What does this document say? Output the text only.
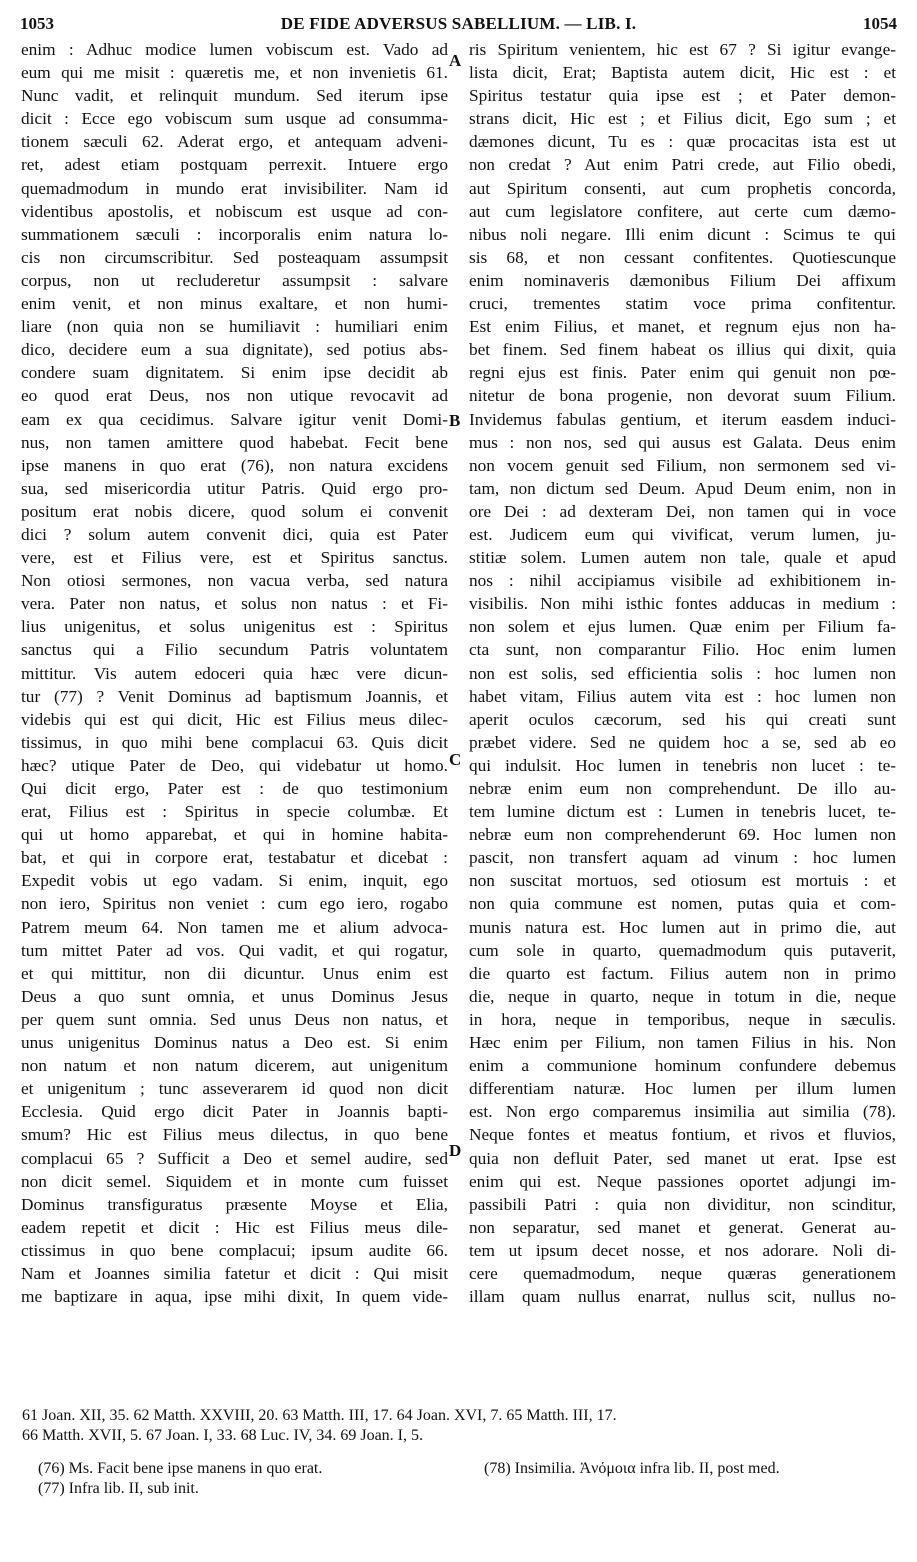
1053	DE FIDE ADVERSUS SABELLIUM. — LIB. I.	1054
enim : Adhuc modice lumen vobiscum est. Vado ad
eum qui me misit : quæretis me, et non invenietis 61.
Nunc vadit, et relinquit mundum. Sed iterum ipse
dicit : Ecce ego vobiscum sum usque ad consumma-
tionem sæculi 62. Aderat ergo, et antequam adveni-
ret, adest etiam postquam perrexit. Intuere ergo
quemadmodum in mundo erat invisibiliter. Nam id
videntibus apostolis, et nobiscum est usque ad con-
summationem sæculi : incorporalis enim natura lo-
cis non circumscribitur. Sed posteaquam assumpsit
corpus, non ut recluderetur assumpsit : salvare
enim venit, et non minus exaltare, et non humi-
liare (non quia non se humiliavit : humiliari enim
dico, decidere eum a sua dignitate), sed potius abs-
condere suam dignitatem. Si enim ipse decidit ab
eo quod erat Deus, nos non utique revocavit ad
eam ex qua cecidimus. Salvare igitur venit Domi-
nus, non tamen amittere quod habebat. Fecit bene
ipse manens in quo erat (76), non natura excidens
sua, sed misericordia utitur Patris. Quid ergo pro-
positum erat nobis dicere, quod solum ei convenit
dici ? solum autem convenit dici, quia est Pater
vere, est et Filius vere, est et Spiritus sanctus.
Non otiosi sermones, non vacua verba, sed natura
vera. Pater non natus, et solus non natus : et Fi-
lius unigenitus, et solus unigenitus est : Spiritus
sanctus qui a Filio secundum Patris voluntatem
mittitur. Vis autem edoceri quia hæc vere dicun-
tur (77) ? Venit Dominus ad baptismum Joannis, et
videbis qui est qui dicit, Hic est Filius meus dilec-
tissimus, in quo mihi bene complacui 63. Quis dicit
hæc? utique Pater de Deo, qui videbatur ut homo.
Qui dicit ergo, Pater est : de quo testimonium
erat, Filius est : Spiritus in specie columbæ. Et
qui ut homo apparebat, et qui in homine habita-
bat, et qui in corpore erat, testabatur et dicebat :
Expedit vobis ut ego vadam. Si enim, inquit, ego
non iero, Spiritus non veniet : cum ego iero, rogabo
Patrem meum 64. Non tamen me et alium advoca-
tum mittet Pater ad vos. Qui vadit, et qui rogatur,
et qui mittitur, non dii dicuntur. Unus enim est
Deus a quo sunt omnia, et unus Dominus Jesus
per quem sunt omnia. Sed unus Deus non natus, et
unus unigenitus Dominus natus a Deo est. Si enim
non natum et non natum dicerem, aut unigenitum
et unigenitum ; tunc asseverarem id quod non dicit
Ecclesia. Quid ergo dicit Pater in Joannis bapti-
smum? Hic est Filius meus dilectus, in quo bene
complacui 65 ? Sufficit a Deo et semel audire, sed
non dicit semel. Siquidem et in monte cum fuisset
Dominus transfiguratus præsente Moyse et Elia,
eadem repetit et dicit : Hic est Filius meus dile-
ctissimus in quo bene complacui; ipsum audite 66.
Nam et Joannes similia fatetur et dicit : Qui misit
me baptizare in aqua, ipse mihi dixit, In quem vide-
ris Spiritum venientem, hic est 67 ? Si igitur evange-
lista dicit, Erat; Baptista autem dicit, Hic est : et
Spiritus testatur quia ipse est ; et Pater demon-
strans dicit, Hic est ; et Filius dicit, Ego sum ; et
dæmones dicunt, Tu es : quæ procacitas ista est ut
non credat ? Aut enim Patri crede, aut Filio obedi,
aut Spiritum consenti, aut cum prophetis concorda,
aut cum legislatore confitere, aut certe cum dæmo-
nibus noli negare. Illi enim dicunt : Scimus te qui
sis 68, et non cessant confitentes. Quotiescunque
enim nominaveris dæmonibus Filium Dei affixum
cruci, trementes statim voce prima confitentur.
Est enim Filius, et manet, et regnum ejus non ha-
bet finem. Sed finem habeat os illius qui dixit, quia
regni ejus est finis. Pater enim qui genuit non pœ-
nitetur de bona progenie, non devorat suum Filium.
Invidemus fabulas gentium, et iterum easdem induci-
mus : non nos, sed qui ausus est Galata. Deus enim
non vocem genuit sed Filium, non sermonem sed vi-
tam, non dictum sed Deum. Apud Deum enim, non in
ore Dei : ad dexteram Dei, non tamen qui in voce
est. Judicem eum qui vivificat, verum lumen, ju-
stitiæ solem. Lumen autem non tale, quale et apud
nos : nihil accipiamus visibile ad exhibitionem in-
visibilis. Non mihi isthic fontes adducas in medium :
non solem et ejus lumen. Quæ enim per Filium fa-
cta sunt, non comparantur Filio. Hoc enim lumen
non est solis, sed efficientia solis : hoc lumen non
habet vitam, Filius autem vita est : hoc lumen non
aperit oculos cæcorum, sed his qui creati sunt
præbet videre. Sed ne quidem hoc a se, sed ab eo
qui indulsit. Hoc lumen in tenebris non lucet : te-
nebræ enim eum non comprehendunt. De illo au-
tem lumine dictum est : Lumen in tenebris lucet, te-
nebræ eum non comprehenderunt 69. Hoc lumen non
pascit, non transfert aquam ad vinum : hoc lumen
non suscitat mortuos, sed otiosum est mortuis : et
non quia commune est nomen, putas quia et com-
munis natura est. Hoc lumen aut in primo die, aut
cum sole in quarto, quemadmodum quis putaverit,
die quarto est factum. Filius autem non in primo
die, neque in quarto, neque in totum in die, neque
in hora, neque in temporibus, neque in sæculis.
Hæc enim per Filium, non tamen Filius in his. Non
enim a communione hominum confundere debemus
differentiam naturæ. Hoc lumen per illum lumen
est. Non ergo comparemus insimilia aut similia (78).
Neque fontes et meatus fontium, et rivos et fluvios,
quia non defluit Pater, sed manet ut erat. Ipse est
enim qui est. Neque passiones oportet adjungi im-
passibili Patri : quia non dividitur, non scinditur,
non separatur, sed manet et generat. Generat au-
tem ut ipsum decet nosse, et nos adorare. Noli di-
cere quemadmodum, neque quæras generationem
illam quam nullus enarrat, nullus scit, nullus no-
A
B
C
D
61 Joan. XII, 35. 62 Matth. XXVIII, 20. 63 Matth. III, 17. 64 Joan. XVI, 7. 65 Matth. III, 17.
66 Matth. XVII, 5. 67 Joan. I, 33. 68 Luc. IV, 34. 69 Joan. I, 5.
(76) Ms. Facit bene ipse manens in quo erat.
(77) Infra lib. II, sub init.
(78) Insimilia. Ἀνόμοια infra lib. II, post med.
